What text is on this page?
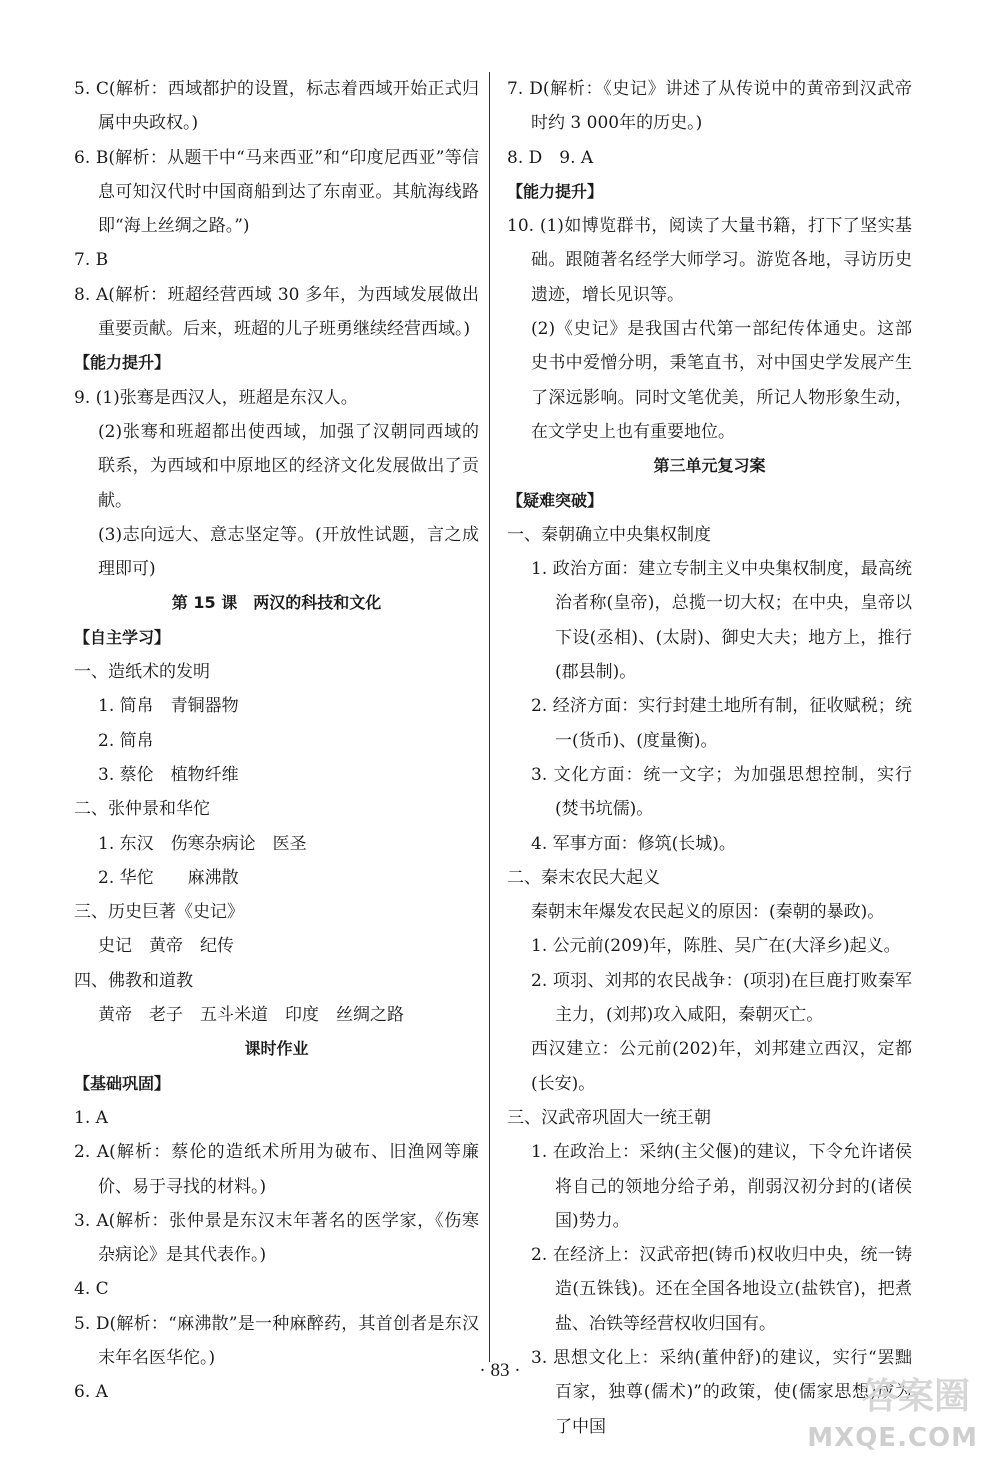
5. C(解析：西域都护的设置，标志着西域开始正式归属中央政权。)

6. B(解析：从题干中“马来西亚”和“印度尼西亚”等信息可知汉代时中国商船到达了东南亚。其航海线路即“海上丝绸之路。”)

7. B

8. A(解析：班超经营西域 30 多年，为西域发展做出重要贡献。后来，班超的儿子班勇继续经营西域。)

【能力提升】

9. (1)张骞是西汉人，班超是东汉人。

(2)张骞和班超都出使西域，加强了汉朝同西域的联系，为西域和中原地区的经济文化发展做出了贡献。

(3)志向远大、意志坚定等。(开放性试题，言之成理即可)

第 15 课　两汉的科技和文化

【自主学习】

一、造纸术的发明

1. 简帛　青铜器物

2. 简帛

3. 蔡伦　植物纤维

二、张仲景和华佗

1. 东汉　伤寒杂病论　医圣

2. 华佗　　麻沸散

三、历史巨著《史记》

史记　黄帝　纪传

四、佛教和道教

黄帝　老子　五斗米道　印度　丝绸之路

课时作业

【基础巩固】

1. A

2. A(解析：蔡伦的造纸术所用为破布、旧渔网等廉价、易于寻找的材料。)

3. A(解析：张仲景是东汉末年著名的医学家，《伤寒杂病论》是其代表作。)

4. C

5. D(解析：“麻沸散”是一种麻醉药，其首创者是东汉末年名医华佗。)

6. A

7. D(解析：《史记》讲述了从传说中的黄帝到汉武帝时约 3 000年的历史。)

8. D　9. A

【能力提升】

10. (1)如博览群书，阅读了大量书籍，打下了坚实基础。跟随著名经学大师学习。游览各地，寻访历史遗迹，增长见识等。

(2)《史记》是我国古代第一部纪传体通史。这部史书中爱憎分明，秉笔直书，对中国史学发展产生了深远影响。同时文笔优美，所记人物形象生动，在文学史上也有重要地位。

第三单元复习案

【疑难突破】

一、秦朝确立中央集权制度

1. 政治方面：建立专制主义中央集权制度，最高统治者称(皇帝)，总揽一切大权；在中央，皇帝以下设(丞相)、(太尉)、御史大夫；地方上，推行(郡县制)。

2. 经济方面：实行封建土地所有制，征收赋税；统一(货币)、(度量衡)。

3. 文化方面：统一文字；为加强思想控制，实行(焚书坑儒)。

4. 军事方面：修筑(长城)。

二、秦末农民大起义

秦朝末年爆发农民起义的原因：(秦朝的暴政)。

1. 公元前(209)年，陈胜、吴广在(大泽乡)起义。

2. 项羽、刘邦的农民战争：(项羽)在巨鹿打败秦军主力，(刘邦)攻入咸阳，秦朝灭亡。

西汉建立：公元前(202)年，刘邦建立西汉，定都(长安)。

三、汉武帝巩固大一统王朝

1. 在政治上：采纳(主父偃)的建议，下令允许诸侯将自己的领地分给子弟，削弱汉初分封的(诸侯国)势力。

2. 在经济上：汉武帝把(铸币)权收归中央，统一铸造(五铢钱)。还在全国各地设立(盐铁官)，把煮盐、冶铁等经营权收归国有。

3. 思想文化上：采纳(董仲舒)的建议，实行“罢黜百家，独尊(儒术)”的政策，使(儒家思想)成为了中国

· 83 ·
答案圈
MXQE.COM
